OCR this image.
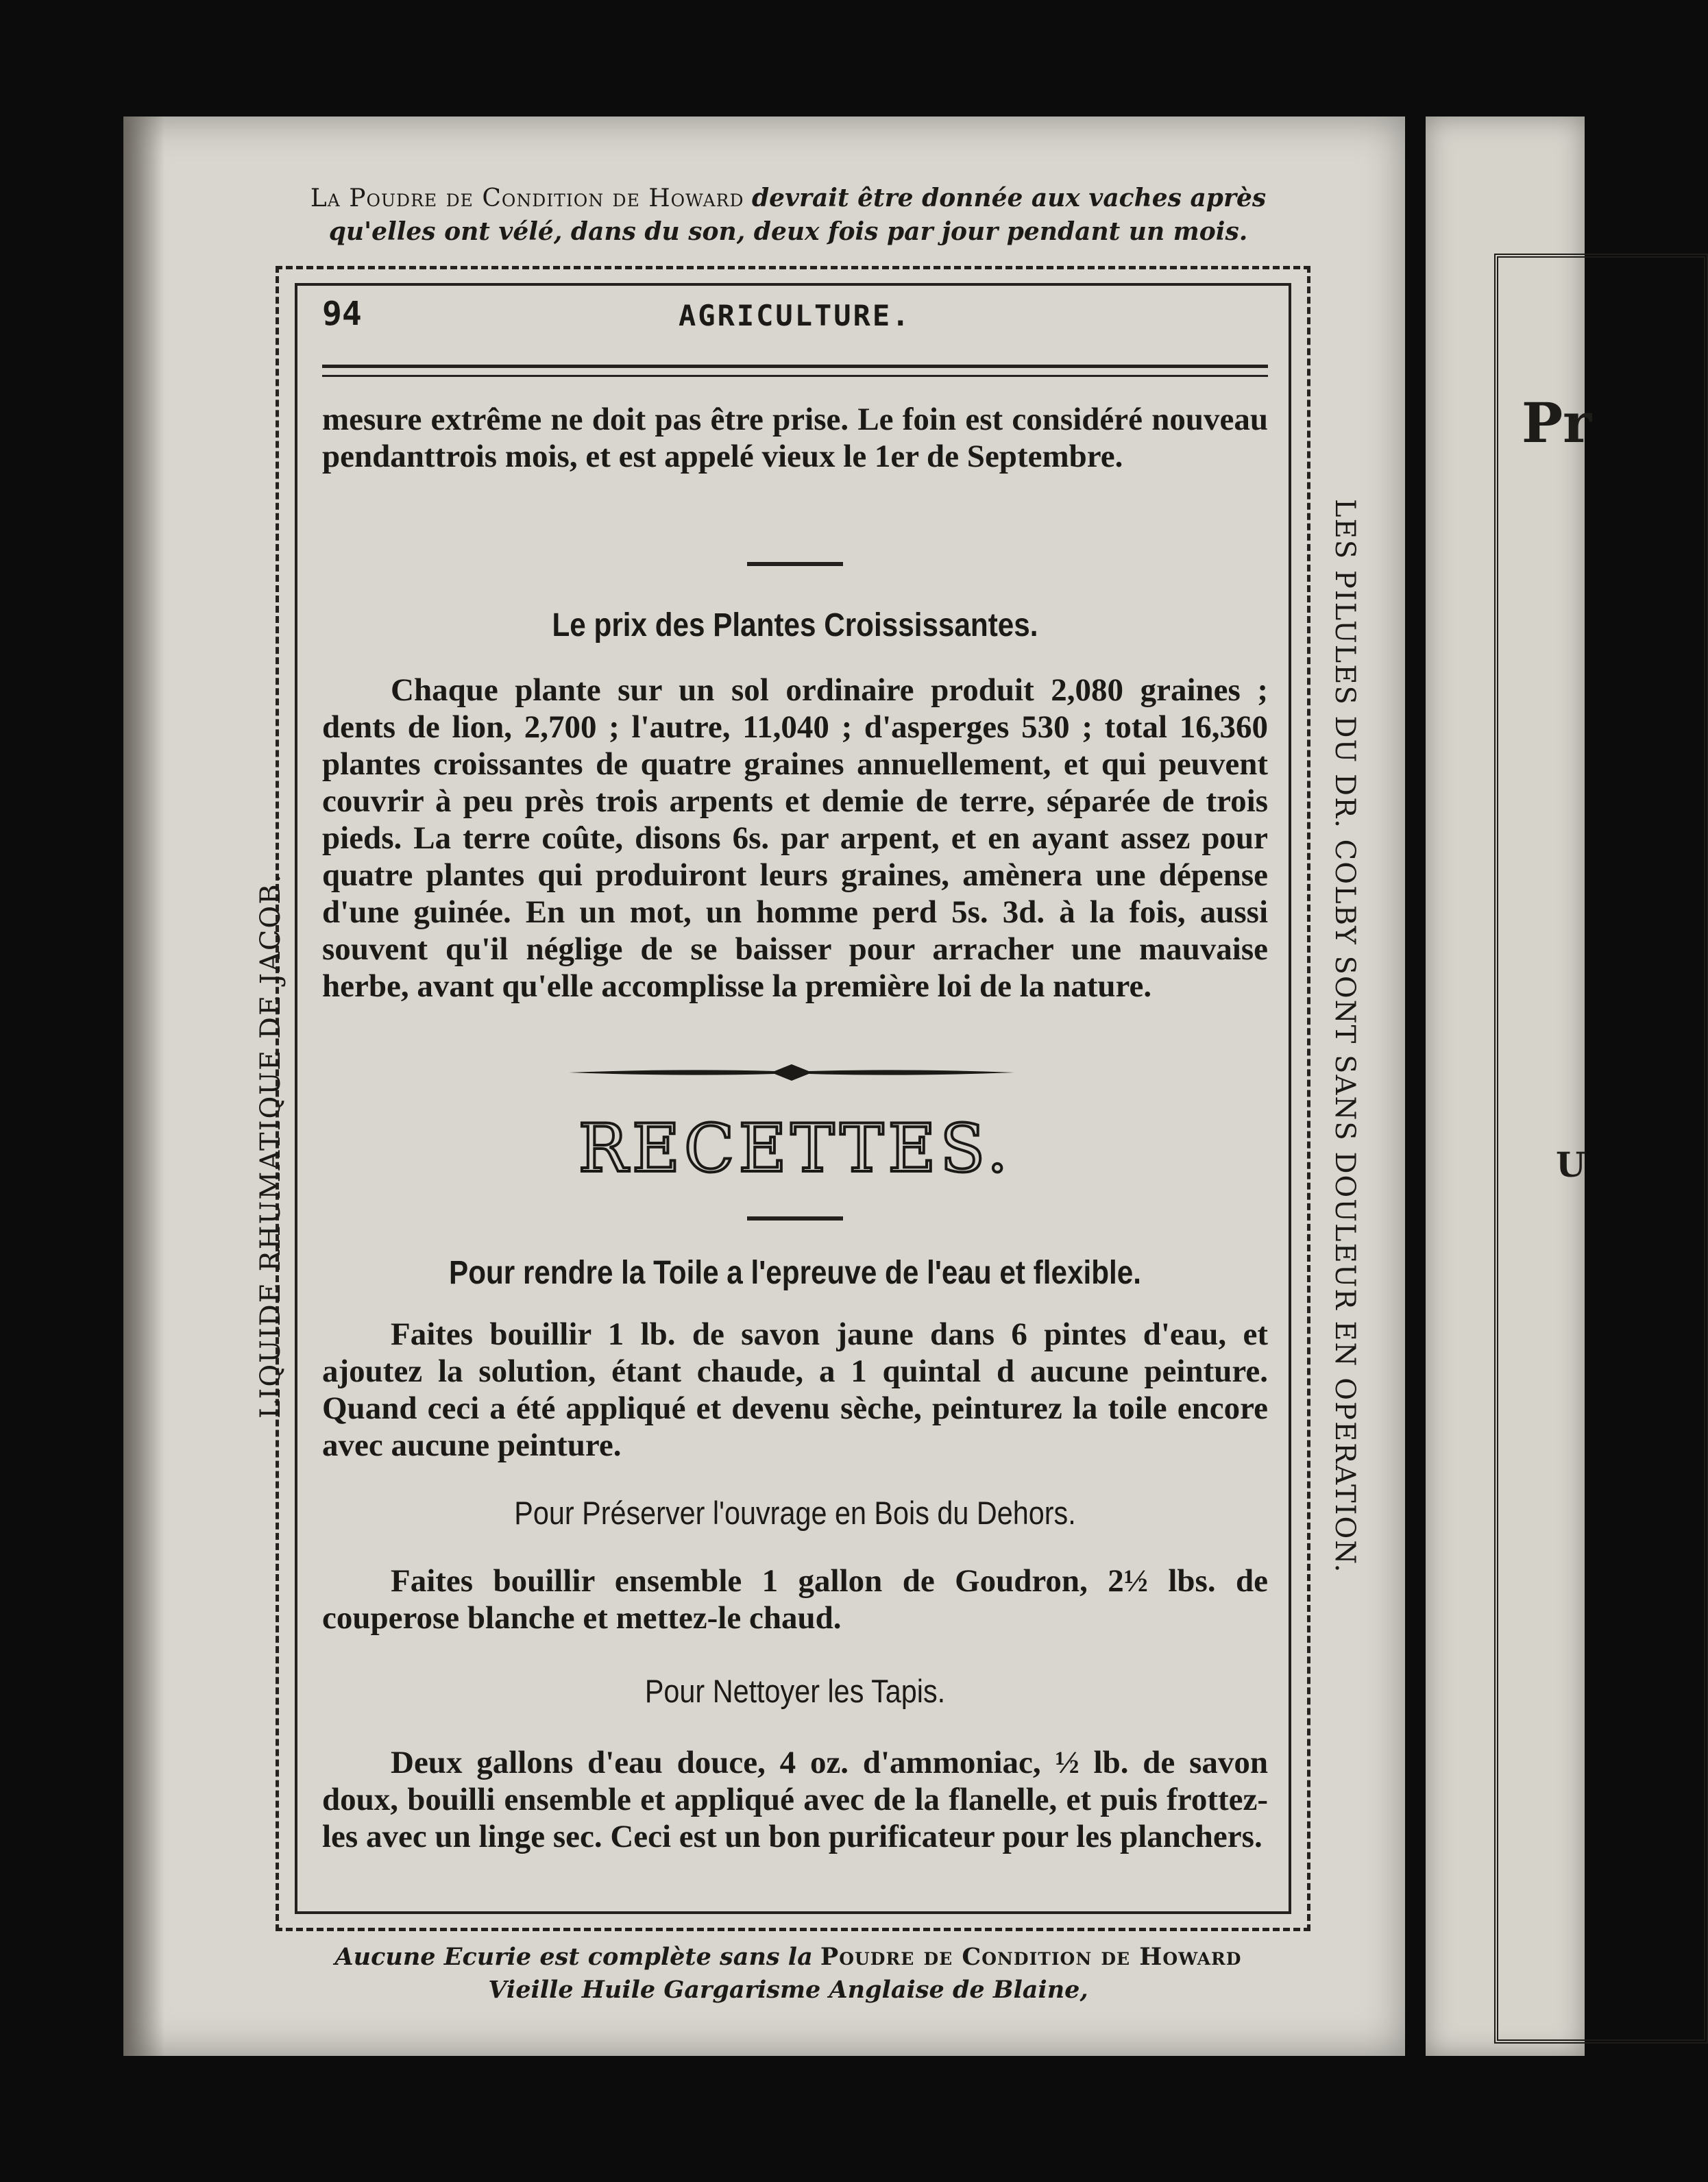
Pr
U
La Poudre de Condition de Howard devrait être donnée aux vaches après
qu'elles ont vélé, dans du son, deux fois par jour pendant un mois.
LIQUIDE RHUMATIQUE DE JACOB.	LES PILULES DU DR. COLBY SONT SANS DOULEUR EN OPERATION.
94	AGRICULTURE.
mesure extrême ne doit pas être prise. Le foin est considéré nouveau pendanttrois mois, et est appelé vieux le 1er de Septembre.
Le prix des Plantes Croississantes.
Chaque plante sur un sol ordinaire produit 2,080 graines ; dents de lion, 2,700 ; l'autre, 11,040 ; d'asperges 530 ; total 16,360 plantes croissantes de quatre graines annuellement, et qui peuvent couvrir à peu près trois arpents et demie de terre, séparée de trois pieds. La terre coûte, disons 6s. par arpent, et en ayant assez pour quatre plantes qui produiront leurs graines, amènera une dépense d'une guinée. En un mot, un homme perd 5s. 3d. à la fois, aussi souvent qu'il néglige de se baisser pour arracher une mauvaise herbe, avant qu'elle accomplisse la première loi de la nature.
RECETTES.
Pour rendre la Toile a l'epreuve de l'eau et flexible.
Faites bouillir 1 lb. de savon jaune dans 6 pintes d'eau, et ajoutez la solution, étant chaude, a 1 quintal d aucune peinture. Quand ceci a été appliqué et devenu sèche, peinturez la toile encore avec aucune peinture.
Pour Préserver l'ouvrage en Bois du Dehors.
Faites bouillir ensemble 1 gallon de Goudron, 2½ lbs. de couperose blanche et mettez-le chaud.
Pour Nettoyer les Tapis.
Deux gallons d'eau douce, 4 oz. d'ammoniac, ½ lb. de savon doux, bouilli ensemble et appliqué avec de la flanelle, et puis frottez-les avec un linge sec. Ceci est un bon purificateur pour les planchers.
Aucune Ecurie est complète sans la Poudre de Condition de Howard
Vieille Huile Gargarisme Anglaise de Blaine,
